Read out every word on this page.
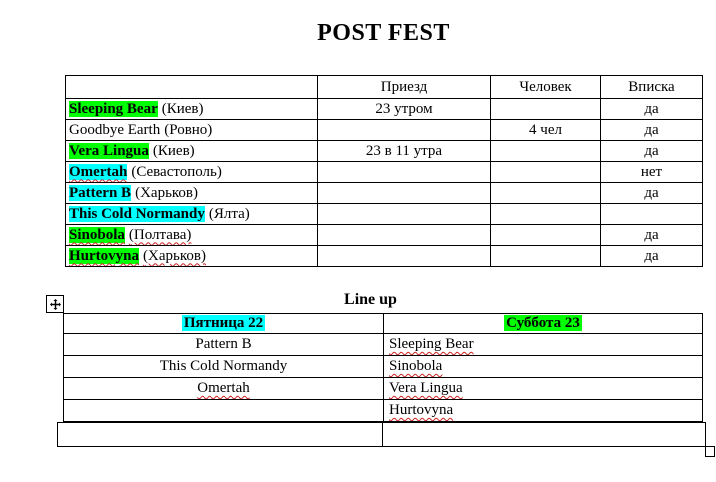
POST FEST
	Приезд	Человек	Вписка
Sleeping Bear (Киев)	23 утром		да
Goodbye Earth (Ровно)		4 чел	да
Vera Lingua (Киев)	23 в 11 утра		да
Omertah (Севастополь)			нет
Pattern B (Харьков)			да
This Cold Normandy (Ялта)			
Sinobola (Полтава)			да
Hurtovyna (Харьков)			да
Line up
Пятница 22	Суббота 23
Pattern B	Sleeping Bear
This Cold Normandy	Sinobola
Omertah	Vera Lingua
	Hurtovyna
